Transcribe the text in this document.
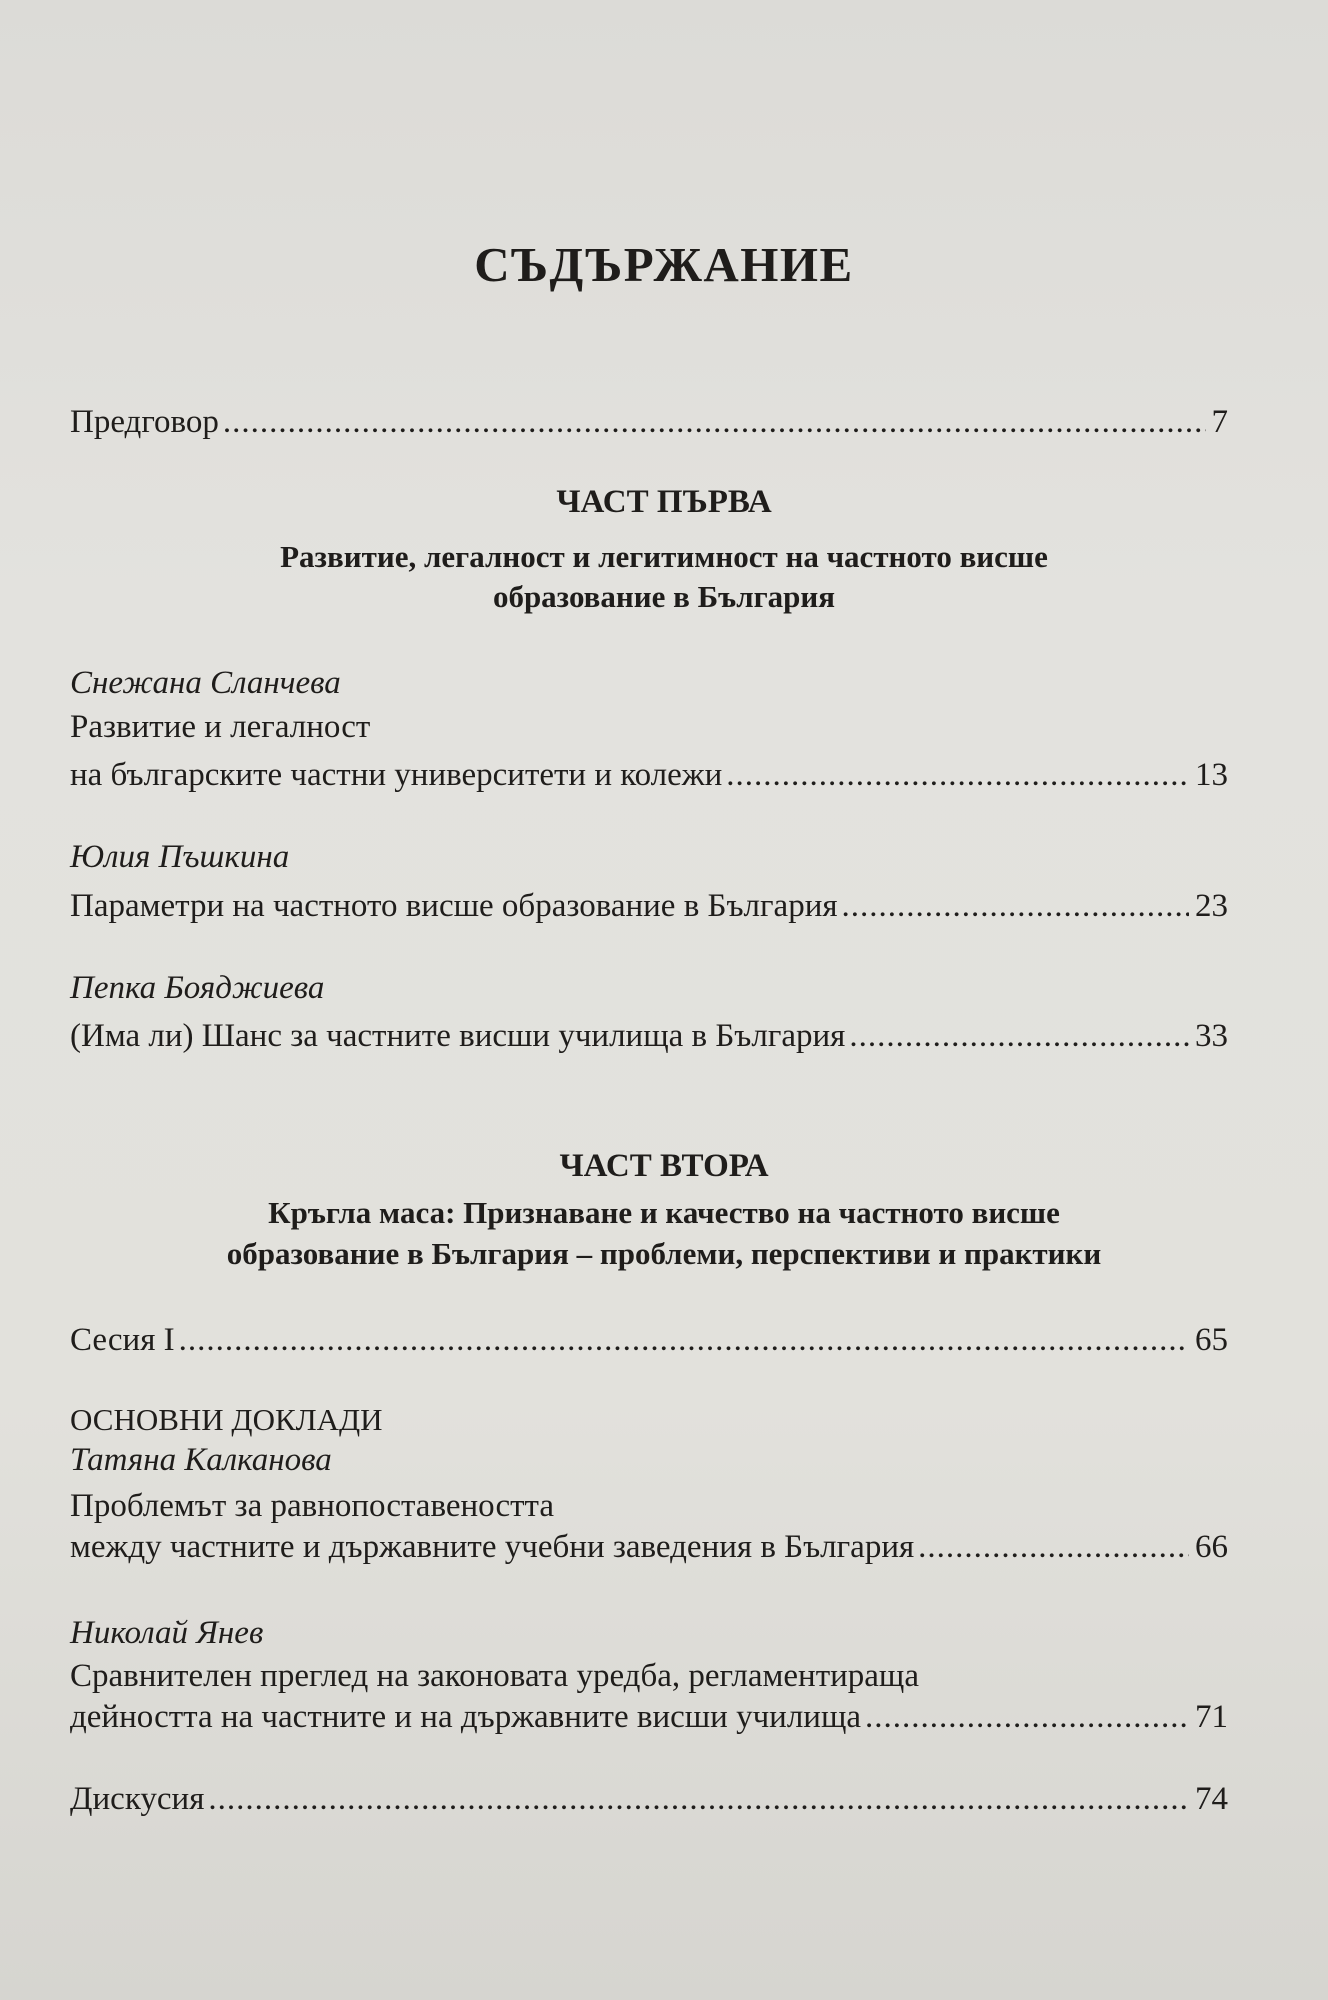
СЪДЪРЖАНИЕ
Предговор .....	7
ЧАСТ ПЪРВА
Развитие, легалност и легитимност на частното висше
образование в България
Снежана Сланчева
Развитие и легалност
на българските частни университети и колежи .....	13
Юлия Пъшкина
Параметри на частното висше образование в България .....	23
Пепка Бояджиева
(Има ли) Шанс за частните висши училища в България .....	33
ЧАСТ ВТОРА
Кръгла маса: Признаване и качество на частното висше
образование в България – проблеми, перспективи и практики
Сесия I .....	65
ОСНОВНИ ДОКЛАДИ
Татяна Калканова
Проблемът за равнопоставеността
между частните и държавните учебни заведения в България .....	66
Николай Янев
Сравнителен преглед на законовата уредба, регламентираща
дейността на частните и на държавните висши училища .....	71
Дискусия .....	74
